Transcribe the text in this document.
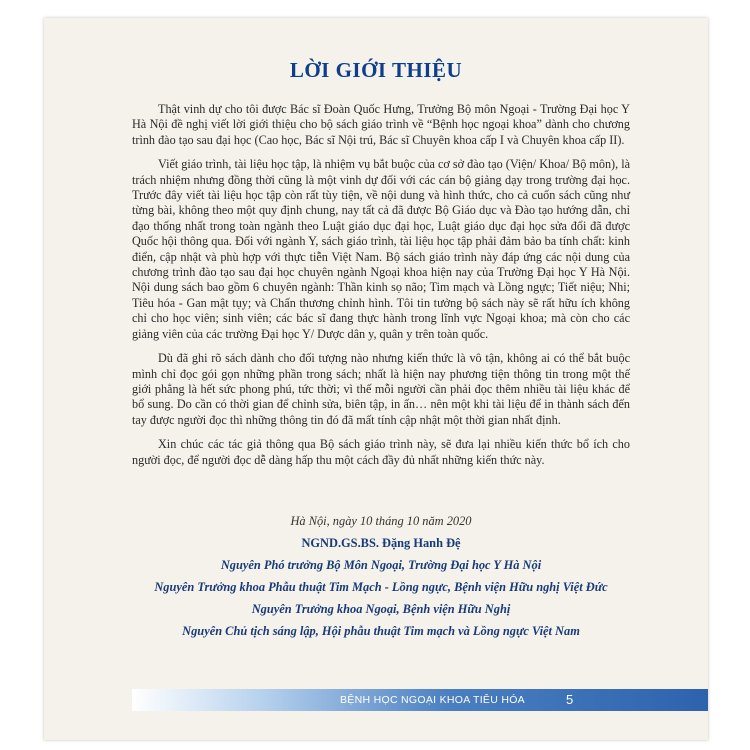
LỜI GIỚI THIỆU

Thật vinh dự cho tôi được Bác sĩ Đoàn Quốc Hưng, Trưởng Bộ môn Ngoại - Trường Đại học Y Hà Nội đề nghị viết lời giới thiệu cho bộ sách giáo trình về “Bệnh học ngoại khoa” dành cho chương trình đào tạo sau đại học (Cao học, Bác sĩ Nội trú, Bác sĩ Chuyên khoa cấp I và Chuyên khoa cấp II).

Viết giáo trình, tài liệu học tập, là nhiệm vụ bắt buộc của cơ sở đào tạo (Viện/ Khoa/ Bộ môn), là trách nhiệm nhưng đồng thời cũng là một vinh dự đối với các cán bộ giảng dạy trong trường đại học. Trước đây viết tài liệu học tập còn rất tùy tiện, về nội dung và hình thức, cho cả cuốn sách cũng như từng bài, không theo một quy định chung, nay tất cả đã được Bộ Giáo dục và Đào tạo hướng dẫn, chỉ đạo thống nhất trong toàn ngành theo Luật giáo dục đại học, Luật giáo dục đại học sửa đổi đã được Quốc hội thông qua. Đối với ngành Y, sách giáo trình, tài liệu học tập phải đảm bảo ba tính chất: kinh điển, cập nhật và phù hợp với thực tiễn Việt Nam. Bộ sách giáo trình này đáp ứng các nội dung của chương trình đào tạo sau đại học chuyên ngành Ngoại khoa hiện nay của Trường Đại học Y Hà Nội. Nội dung sách bao gồm 6 chuyên ngành: Thần kinh sọ não; Tim mạch và Lồng ngực; Tiết niệu; Nhi; Tiêu hóa - Gan mật tụy; và Chấn thương chỉnh hình. Tôi tin tưởng bộ sách này sẽ rất hữu ích không chỉ cho học viên; sinh viên; các bác sĩ đang thực hành trong lĩnh vực Ngoại khoa; mà còn cho các giảng viên của các trường Đại học Y/ Dược dân y, quân y trên toàn quốc.

Dù đã ghi rõ sách dành cho đối tượng nào nhưng kiến thức là vô tận, không ai có thể bắt buộc mình chỉ đọc gói gọn những phần trong sách; nhất là hiện nay phương tiện thông tin trong một thế giới phẳng là hết sức phong phú, tức thời; vì thế mỗi người cần phải đọc thêm nhiều tài liệu khác để bổ sung. Do cần có thời gian để chỉnh sửa, biên tập, in ấn… nên một khi tài liệu để in thành sách đến tay được người đọc thì những thông tin đó đã mất tính cập nhật một thời gian nhất định.

Xin chúc các tác giả thông qua Bộ sách giáo trình này, sẽ đưa lại nhiều kiến thức bổ ích cho người đọc, để người đọc dễ dàng hấp thu một cách đầy đủ nhất những kiến thức này.

Hà Nội, ngày 10 tháng 10 năm 2020
NGND.GS.BS. Đặng Hanh Đệ
Nguyên Phó trưởng Bộ Môn Ngoại, Trường Đại học Y Hà Nội
Nguyên Trưởng khoa Phẫu thuật Tim Mạch - Lồng ngực, Bệnh viện Hữu nghị Việt Đức
Nguyên Trưởng khoa Ngoại, Bệnh viện Hữu Nghị
Nguyên Chủ tịch sáng lập, Hội phẫu thuật Tim mạch và Lồng ngực Việt Nam
BỆNH HỌC NGOẠI KHOA TIÊU HÓA	5
